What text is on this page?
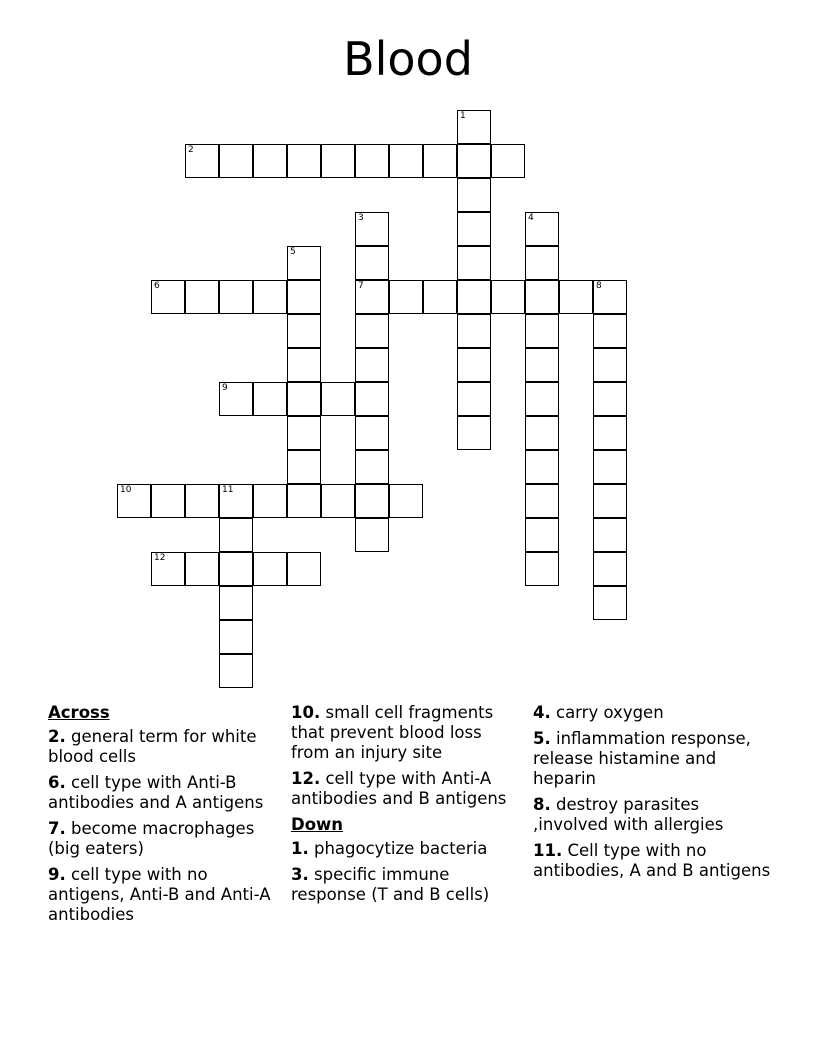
Blood
1
2
3
7
4
5
6	8
9
10	11
12
Across
2. general term for white blood cells
6. cell type with Anti-B antibodies and A antigens
7. become macrophages (big eaters)
9. cell type with no antigens, Anti-B and Anti-A antibodies
10. small cell fragments that prevent blood loss from an injury site
12. cell type with Anti-A antibodies and B antigens
Down
1. phagocytize bacteria
3. specific immune response (T and B cells)
4. carry oxygen
5. inflammation response, release histamine and heparin
8. destroy parasites ,involved with allergies
11. Cell type with no antibodies, A and B antigens
